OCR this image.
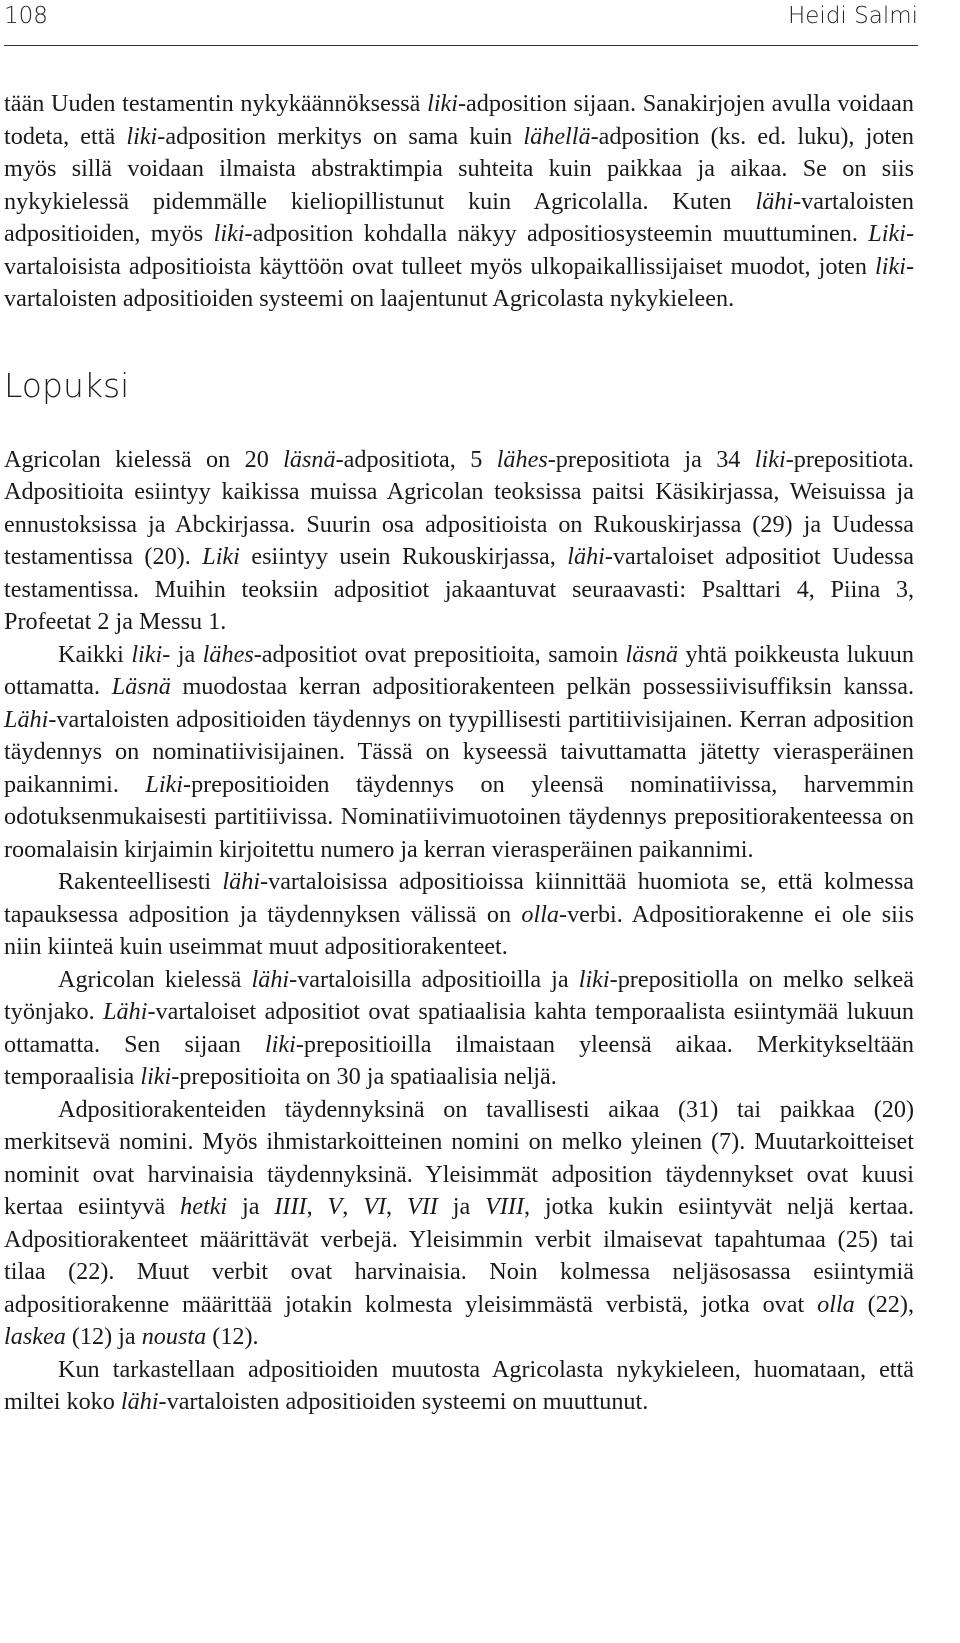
108	Heidi Salmi

tään Uuden testamentin nykykäännöksessä liki-adposition sijaan. Sanakirjojen avulla voidaan todeta, että liki-adposition merkitys on sama kuin lähellä-adposition (ks. ed. luku), joten myös sillä voidaan ilmaista abstraktimpia suhteita kuin paikkaa ja aikaa. Se on siis nykykielessä pidemmälle kieliopillistunut kuin Agricolalla. Kuten lähi-vartaloisten adpositioiden, myös liki-adposition kohdalla näkyy adpositiosysteemin muuttuminen. Liki-vartaloisista adpositioista käyttöön ovat tulleet myös ulkopaikallissijaiset muodot, joten liki-vartaloisten adpositioiden systeemi on laajentunut Agricolasta nykykieleen.

Lopuksi

Agricolan kielessä on 20 läsnä-adpositiota, 5 lähes-prepositiota ja 34 liki-prepositiota. Adpositioita esiintyy kaikissa muissa Agricolan teoksissa paitsi Käsikirjassa, Weisuissa ja ennustoksissa ja Abckirjassa. Suurin osa adpositioista on Rukouskirjassa (29) ja Uudessa testamentissa (20). Liki esiintyy usein Rukouskirjassa, lähi-vartaloiset adpositiot Uudessa testamentissa. Muihin teoksiin adpositiot jakaantuvat seuraavasti: Psalttari 4, Piina 3, Profeetat 2 ja Messu 1.

Kaikki liki- ja lähes-adpositiot ovat prepositioita, samoin läsnä yhtä poikkeusta lukuun ottamatta. Läsnä muodostaa kerran adpositiorakenteen pelkän possessiivisuffiksin kanssa. Lähi-vartaloisten adpositioiden täydennys on tyypillisesti partitiivisijainen. Kerran adposition täydennys on nominatiivisijainen. Tässä on kyseessä taivuttamatta jätetty vierasperäinen paikannimi. Liki-prepositioiden täydennys on yleensä nominatiivissa, harvemmin odotuksenmukaisesti partitiivissa. Nominatiivimuotoinen täydennys prepositiorakenteessa on roomalaisin kirjaimin kirjoitettu numero ja kerran vierasperäinen paikannimi.

Rakenteellisesti lähi-vartaloisissa adpositioissa kiinnittää huomiota se, että kolmessa tapauksessa adposition ja täydennyksen välissä on olla-verbi. Adpositiorakenne ei ole siis niin kiinteä kuin useimmat muut adpositiorakenteet.

Agricolan kielessä lähi-vartaloisilla adpositioilla ja liki-prepositiolla on melko selkeä työnjako. Lähi-vartaloiset adpositiot ovat spatiaalisia kahta temporaalista esiintymää lukuun ottamatta. Sen sijaan liki-prepositioilla ilmaistaan yleensä aikaa. Merkitykseltään temporaalisia liki-prepositioita on 30 ja spatiaalisia neljä.

Adpositiorakenteiden täydennyksinä on tavallisesti aikaa (31) tai paikkaa (20) merkitsevä nomini. Myös ihmistarkoitteinen nomini on melko yleinen (7). Muutarkoitteiset nominit ovat harvinaisia täydennyksinä. Yleisimmät adposition täydennykset ovat kuusi kertaa esiintyvä hetki ja IIII, V, VI, VII ja VIII, jotka kukin esiintyvät neljä kertaa. Adpositiorakenteet määrittävät verbejä. Yleisimmin verbit ilmaisevat tapahtumaa (25) tai tilaa (22). Muut verbit ovat harvinaisia. Noin kolmessa neljäsosassa esiintymiä adpositiorakenne määrittää jotakin kolmesta yleisimmästä verbistä, jotka ovat olla (22), laskea (12) ja nousta (12).

Kun tarkastellaan adpositioiden muutosta Agricolasta nykykieleen, huomataan, että miltei koko lähi-vartaloisten adpositioiden systeemi on muuttunut.
